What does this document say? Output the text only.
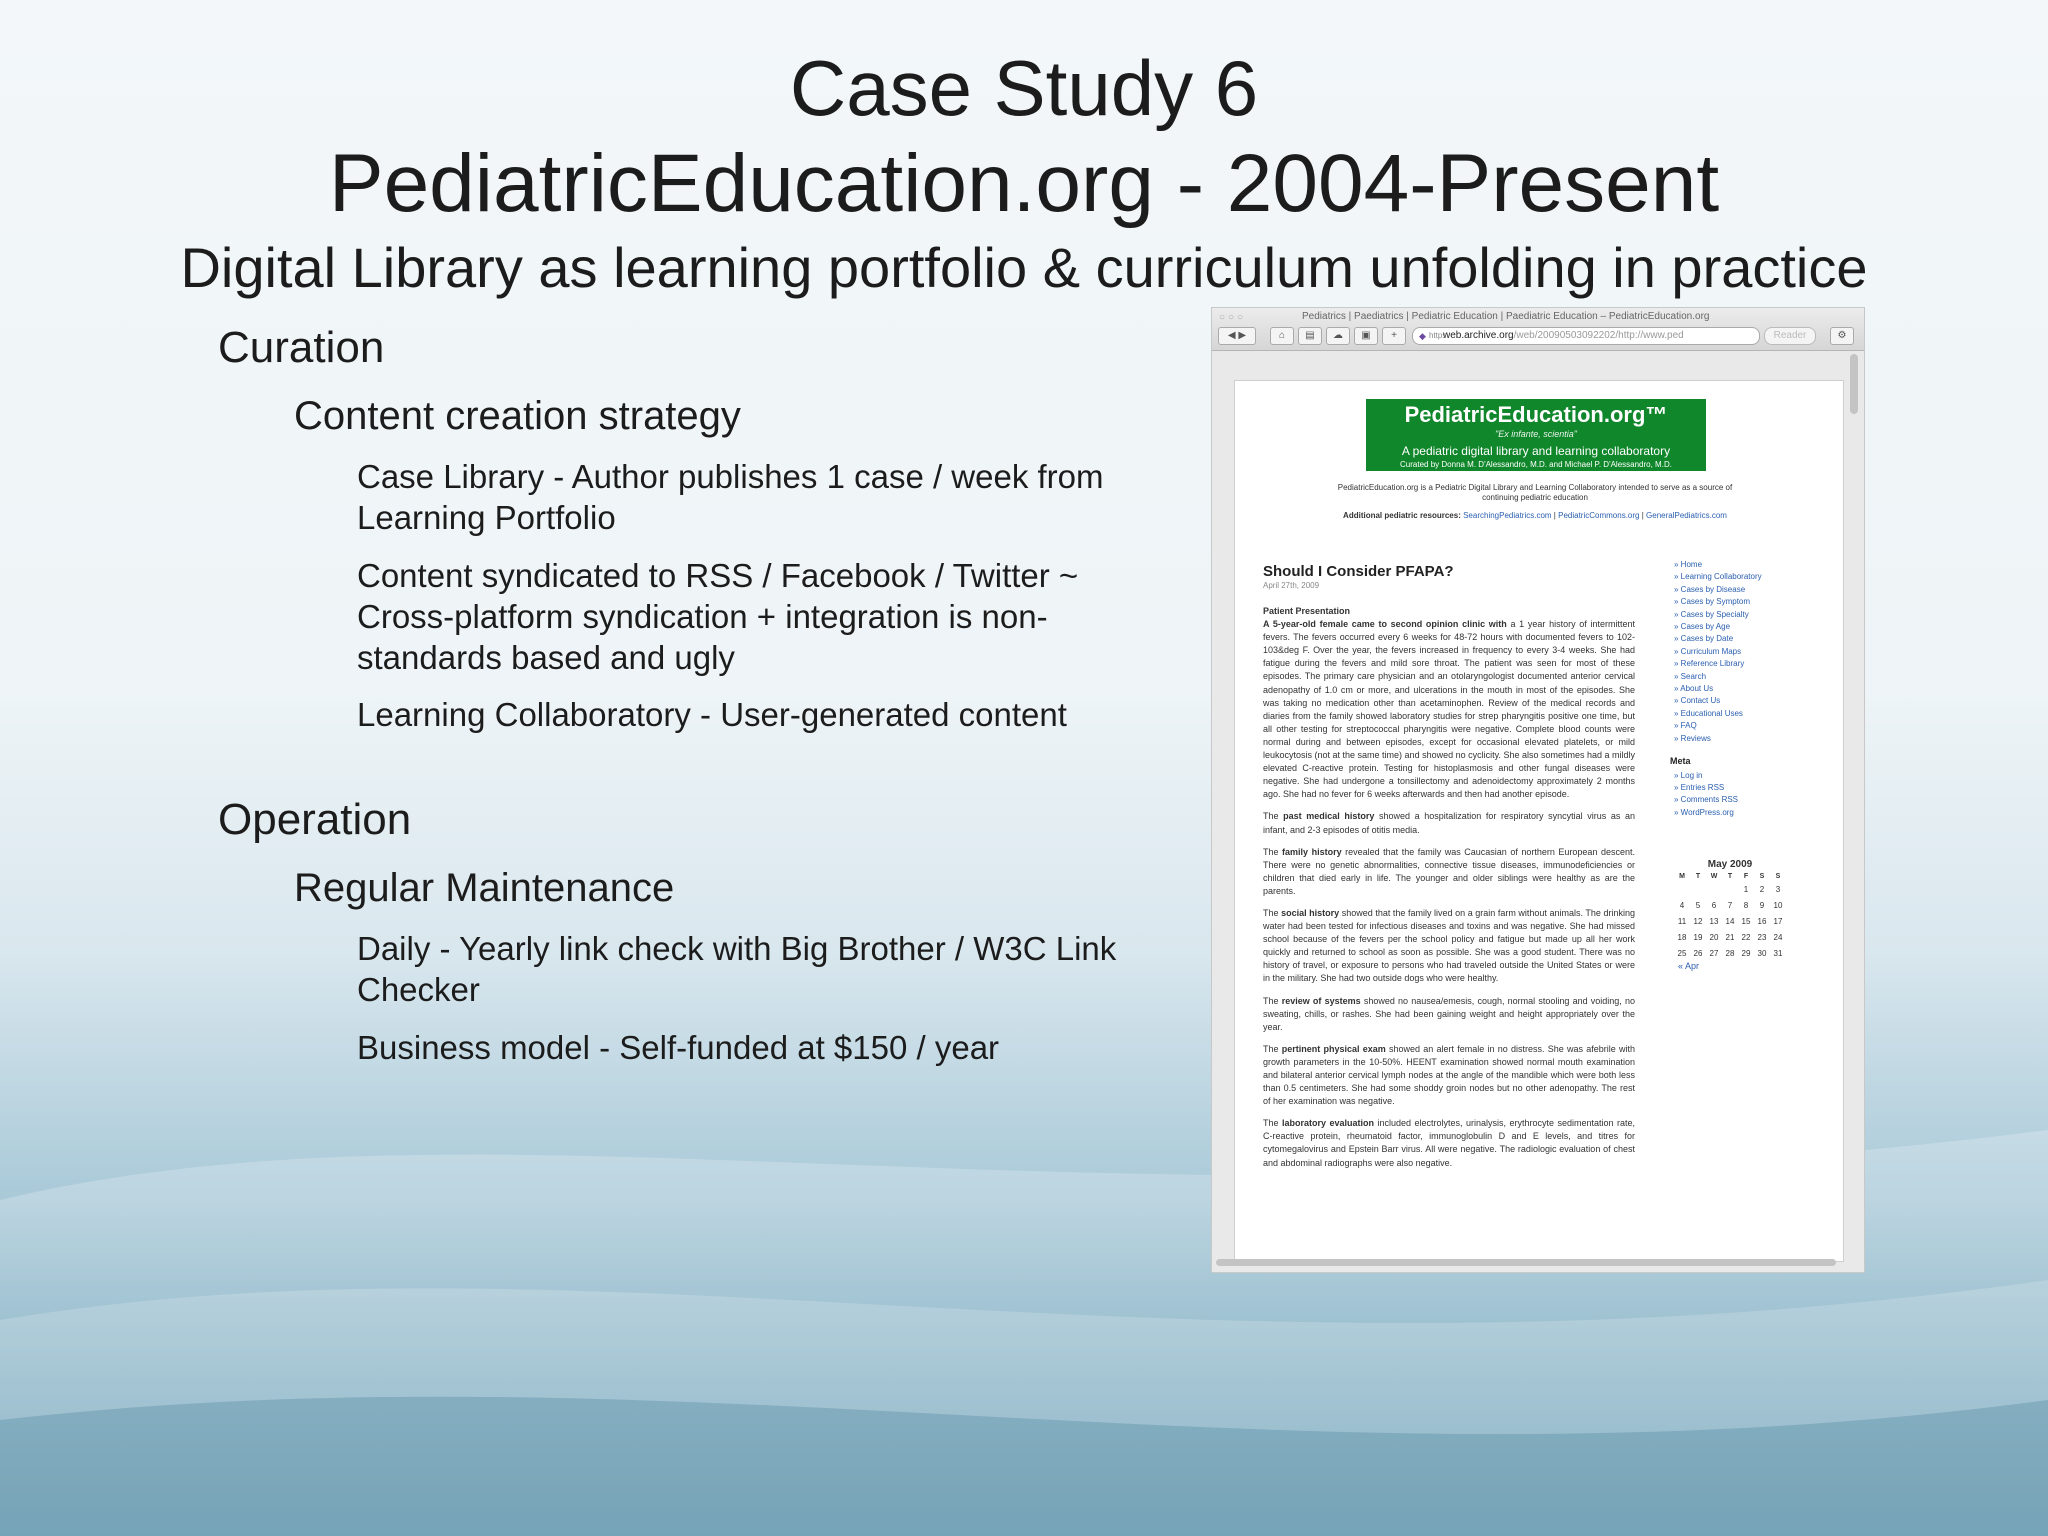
Case Study 6
PediatricEducation.org - 2004-Present
Digital Library as learning portfolio & curriculum unfolding in practice
Curation
Content creation strategy
Case Library - Author publishes 1 case / week from Learning Portfolio
Content syndicated to RSS / Facebook / Twitter ~ Cross-platform syndication + integration is non-standards based and ugly
Learning Collaboratory - User-generated content
Operation
Regular Maintenance
Daily - Yearly link check with Big Brother / W3C Link Checker
Business model - Self-funded at $150 / year
○○○	Pediatrics | Paediatrics | Pediatric Education | Paediatric Education – PediatricEducation.org
◀ ▶	⌂	▤	☁	▣	+	◆ https
web.archive.org/web/20090503092202/http://www.ped	Reader	⚙
PediatricEducation.org™
"Ex infante, scientia"
A pediatric digital library and learning collaboratory
Curated by Donna M. D'Alessandro, M.D. and Michael P. D'Alessandro, M.D.
PediatricEducation.org is a Pediatric Digital Library and Learning Collaboratory intended to serve as a source of continuing pediatric education
Additional pediatric resources: SearchingPediatrics.com | PediatricCommons.org | GeneralPediatrics.com
Should I Consider PFAPA?
April 27th, 2009

Patient Presentation

A 5-year-old female came to second opinion clinic with a 1 year history of intermittent fevers. The fevers occurred every 6 weeks for 48-72 hours with documented fevers to 102-103&deg F. Over the year, the fevers increased in frequency to every 3-4 weeks. She had fatigue during the fevers and mild sore throat. The patient was seen for most of these episodes. The primary care physician and an otolaryngologist documented anterior cervical adenopathy of 1.0 cm or more, and ulcerations in the mouth in most of the episodes. She was taking no medication other than acetaminophen. Review of the medical records and diaries from the family showed laboratory studies for strep pharyngitis positive one time, but all other testing for streptococcal pharyngitis were negative. Complete blood counts were normal during and between episodes, except for occasional elevated platelets, or mild leukocytosis (not at the same time) and showed no cyclicity. She also sometimes had a mildly elevated C-reactive protein. Testing for histoplasmosis and other fungal diseases were negative. She had undergone a tonsillectomy and adenoidectomy approximately 2 months ago. She had no fever for 6 weeks afterwards and then had another episode.

The past medical history showed a hospitalization for respiratory syncytial virus as an infant, and 2-3 episodes of otitis media.

The family history revealed that the family was Caucasian of northern European descent. There were no genetic abnormalities, connective tissue diseases, immunodeficiencies or children that died early in life. The younger and older siblings were healthy as are the parents.

The social history showed that the family lived on a grain farm without animals. The drinking water had been tested for infectious diseases and toxins and was negative. She had missed school because of the fevers per the school policy and fatigue but made up all her work quickly and returned to school as soon as possible. She was a good student. There was no history of travel, or exposure to persons who had traveled outside the United States or were in the military. She had two outside dogs who were healthy.

The review of systems showed no nausea/emesis, cough, normal stooling and voiding, no sweating, chills, or rashes. She had been gaining weight and height appropriately over the year.

The pertinent physical exam showed an alert female in no distress. She was afebrile with growth parameters in the 10-50%. HEENT examination showed normal mouth examination and bilateral anterior cervical lymph nodes at the angle of the mandible which were both less than 0.5 centimeters. She had some shoddy groin nodes but no other adenopathy. The rest of her examination was negative.

The laboratory evaluation included electrolytes, urinalysis, erythrocyte sedimentation rate, C-reactive protein, rheumatoid factor, immunoglobulin D and E levels, and titres for cytomegalovirus and Epstein Barr virus. All were negative. The radiologic evaluation of chest and abdominal radiographs were also negative.

» Home
» Learning Collaboratory
» Cases by Disease
» Cases by Symptom
» Cases by Specialty
» Cases by Age
» Cases by Date
» Curriculum Maps
» Reference Library
» Search
» About Us
» Contact Us
» Educational Uses
» FAQ
» Reviews
Meta
» Log in
» Entries RSS
» Comments RSS
» WordPress.org
May 2009
M	T	W	T	F	S	S
				1	2	3
4	5	6	7	8	9	10
11	12	13	14	15	16	17
18	19	20	21	22	23	24
25	26	27	28	29	30	31
« Apr
